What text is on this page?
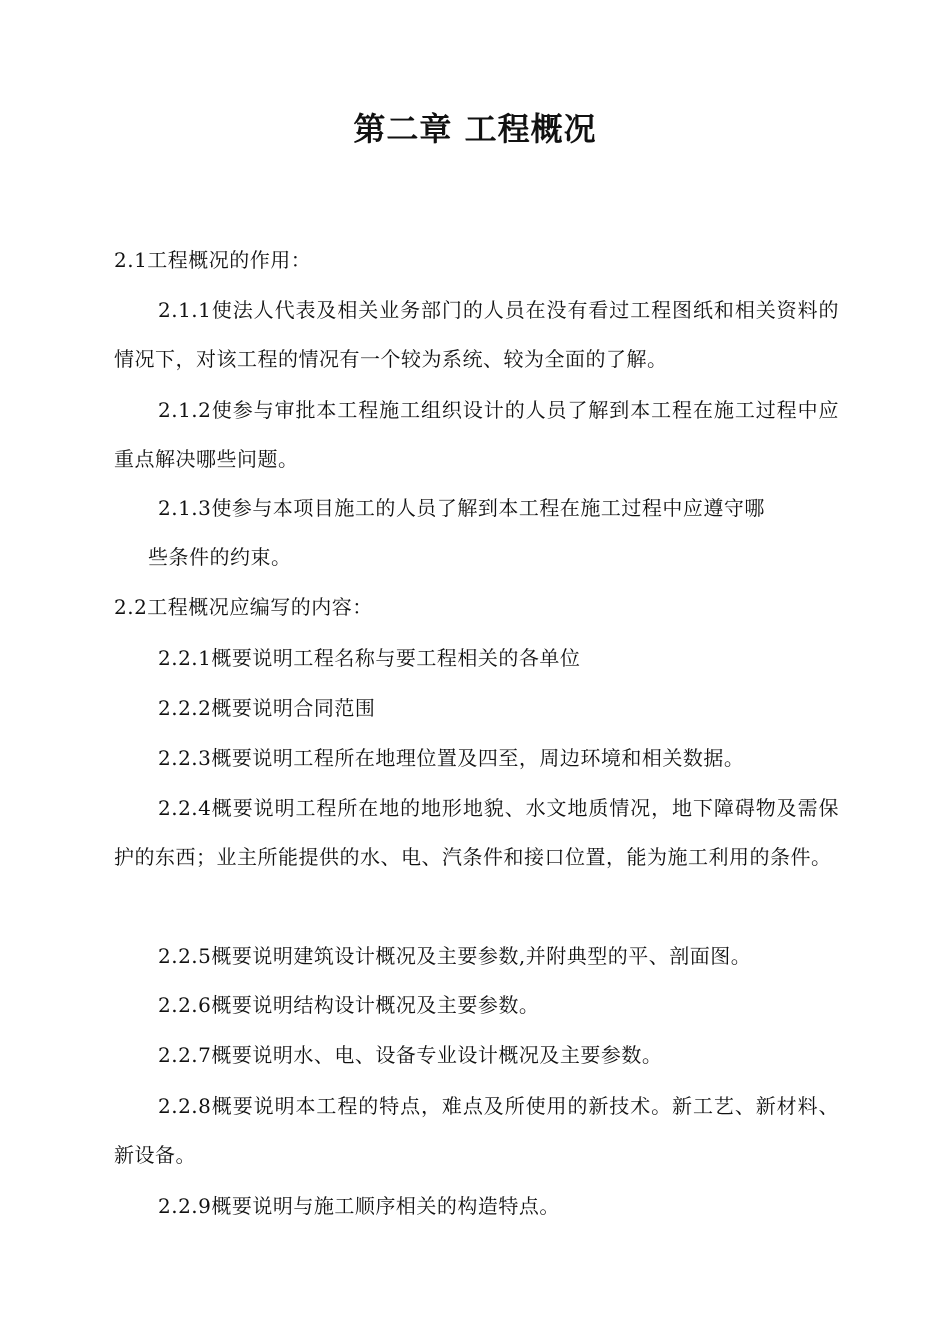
第二章 工程概况
2.1工程概况的作用：
2.1.1使法人代表及相关业务部门的人员在没有看过工程图纸和相关资料的情况下，对该工程的情况有一个较为系统、较为全面的了解。
2.1.2使参与审批本工程施工组织设计的人员了解到本工程在施工过程中应重点解决哪些问题。
2.1.3使参与本项目施工的人员了解到本工程在施工过程中应遵守哪
些条件的约束。
2.2工程概况应编写的内容：
2.2.1概要说明工程名称与要工程相关的各单位
2.2.2概要说明合同范围
2.2.3概要说明工程所在地理位置及四至，周边环境和相关数据。
2.2.4概要说明工程所在地的地形地貌、水文地质情况，地下障碍物及需保护的东西；业主所能提供的水、电、汽条件和接口位置，能为施工利用的条件。
2.2.5概要说明建筑设计概况及主要参数,并附典型的平、剖面图。
2.2.6概要说明结构设计概况及主要参数。
2.2.7概要说明水、电、设备专业设计概况及主要参数。
2.2.8概要说明本工程的特点，难点及所使用的新技术。新工艺、新材料、新设备。
2.2.9概要说明与施工顺序相关的构造特点。
